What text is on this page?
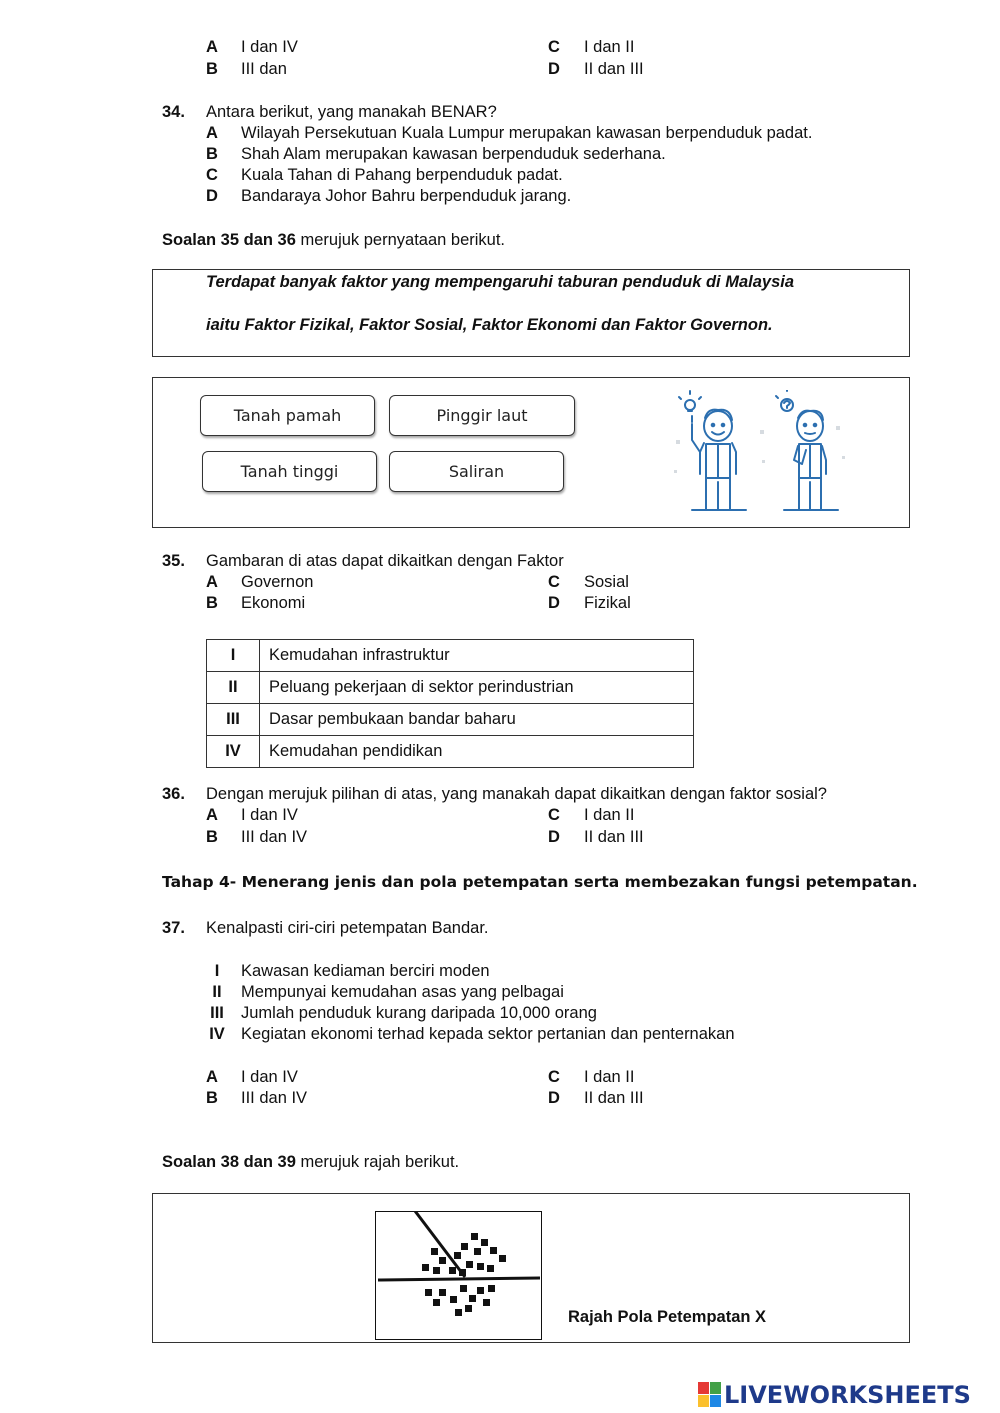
A I dan IV
B III dan
C I dan II
D II dan III
34. Antara berikut, yang manakah BENAR?
A Wilayah Persekutuan Kuala Lumpur merupakan kawasan berpenduduk padat.
B Shah Alam merupakan kawasan berpenduduk sederhana.
C Kuala Tahan di Pahang berpenduduk padat.
D Bandaraya Johor Bahru berpenduduk jarang.
Soalan 35 dan 36 merujuk pernyataan berikut.
Terdapat banyak faktor yang mempengaruhi taburan penduduk di Malaysia
iaitu Faktor Fizikal, Faktor Sosial, Faktor Ekonomi dan Faktor Governon.
Tanah pamah	Pinggir laut
Tanah tinggi	Saliran
35. Gambaran di atas dapat dikaitkan dengan Faktor
A Governon
B Ekonomi
C Sosial
D Fizikal
I	Kemudahan infrastruktur
II	Peluang pekerjaan di sektor perindustrian
III	Dasar pembukaan bandar baharu
IV	Kemudahan pendidikan
36. Dengan merujuk pilihan di atas, yang manakah dapat dikaitkan dengan faktor sosial?
A I dan IV
B III dan IV
C I dan II
D II dan III
Tahap 4- Menerang jenis dan pola petempatan serta membezakan fungsi petempatan.
37. Kenalpasti ciri-ciri petempatan Bandar.
I	Kawasan kediaman berciri moden
II	Mempunyai kemudahan asas yang pelbagai
III Jumlah penduduk kurang daripada 10,000 orang
IV Kegiatan ekonomi terhad kepada sektor pertanian dan penternakan
A I dan IV
B III dan IV
C I dan II
D II dan III
Soalan 38 dan 39 merujuk rajah berikut.
Rajah Pola Petempatan X
LIVEWORKSHEETS
